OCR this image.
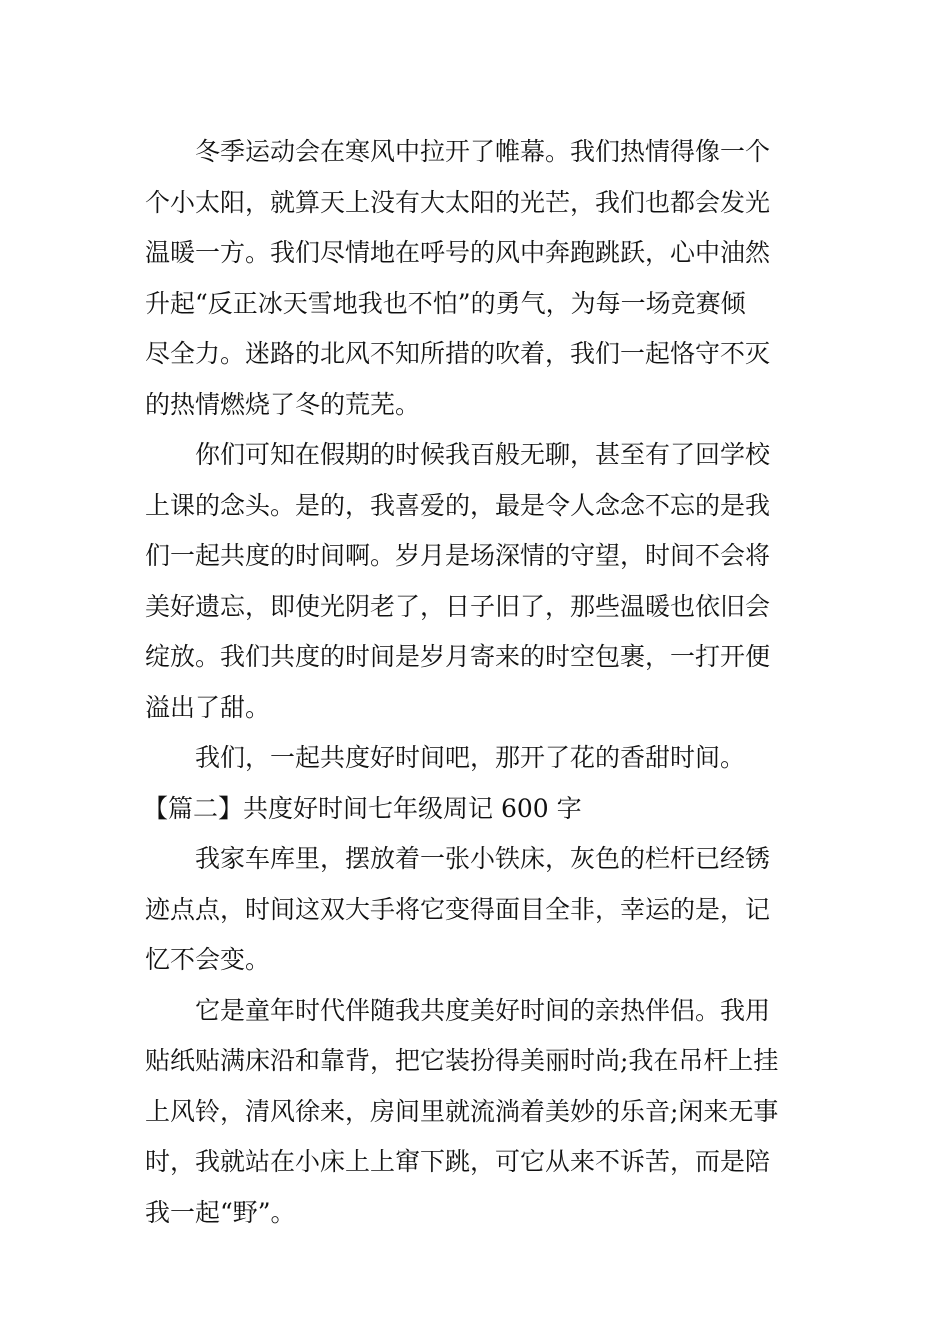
冬季运动会在寒风中拉开了帷幕。我们热情得像一个
个小太阳，就算天上没有大太阳的光芒，我们也都会发光
温暖一方。我们尽情地在呼号的风中奔跑跳跃，心中油然
升起“反正冰天雪地我也不怕”的勇气，为每一场竞赛倾
尽全力。迷路的北风不知所措的吹着，我们一起恪守不灭
的热情燃烧了冬的荒芜。
你们可知在假期的时候我百般无聊，甚至有了回学校
上课的念头。是的，我喜爱的，最是令人念念不忘的是我
们一起共度的时间啊。岁月是场深情的守望，时间不会将
美好遗忘，即使光阴老了，日子旧了，那些温暖也依旧会
绽放。我们共度的时间是岁月寄来的时空包裹，一打开便
溢出了甜。
我们，一起共度好时间吧，那开了花的香甜时间。
【篇二】共度好时间七年级周记 600 字
我家车库里，摆放着一张小铁床，灰色的栏杆已经锈
迹点点，时间这双大手将它变得面目全非，幸运的是，记
忆不会变。
它是童年时代伴随我共度美好时间的亲热伴侣。我用
贴纸贴满床沿和靠背，把它装扮得美丽时尚;我在吊杆上挂
上风铃，清风徐来，房间里就流淌着美妙的乐音;闲来无事
时，我就站在小床上上窜下跳，可它从来不诉苦，而是陪
我一起“野”。
